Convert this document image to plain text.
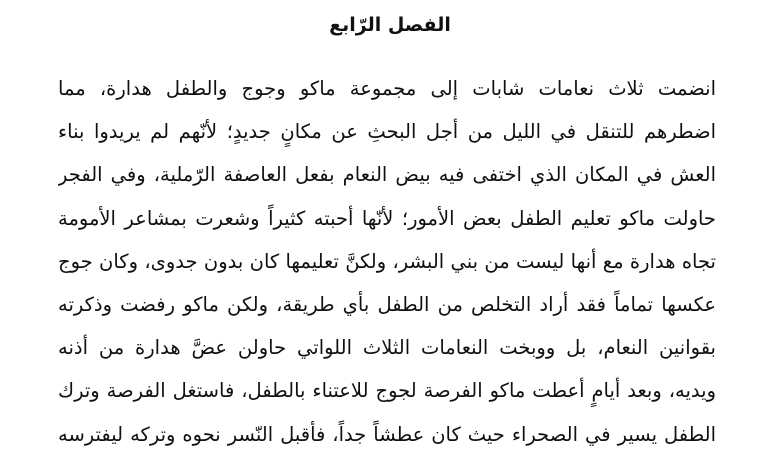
الفصل الرّابع
انضمت ثلاث نعامات شابات إلى مجموعة ماكو وجوج والطفل هدارة، مما
اضطرهم للتنقل في الليل من أجل البحثِ عن مكانٍ جديدٍ؛ لأنّهم لم يريدوا بناء
العش في المكان الذي اختفى فيه بيض النعام بفعل العاصفة الرّملية، وفي الفجر
حاولت ماكو تعليم الطفل بعض الأمور؛ لأنّها أحبته كثيراً وشعرت بمشاعر الأمومة
تجاه هدارة مع أنها ليست من بني البشر، ولكنَّ تعليمها كان بدون جدوى، وكان جوج
عكسها تماماً فقد أراد التخلص من الطفل بأي طريقة، ولكن ماكو رفضت وذكرته
بقوانين النعام، بل ووبخت النعامات الثلاث اللواتي حاولن عضَّ هدارة من أذنه
ويديه، وبعد أيامٍ أعطت ماكو الفرصة لجوج للاعتناء بالطفل، فاستغل الفرصة وترك
الطفل يسير في الصحراء حيث كان عطشاً جداً، فأقبل النّسر نحوه وتركه ليفترسه
